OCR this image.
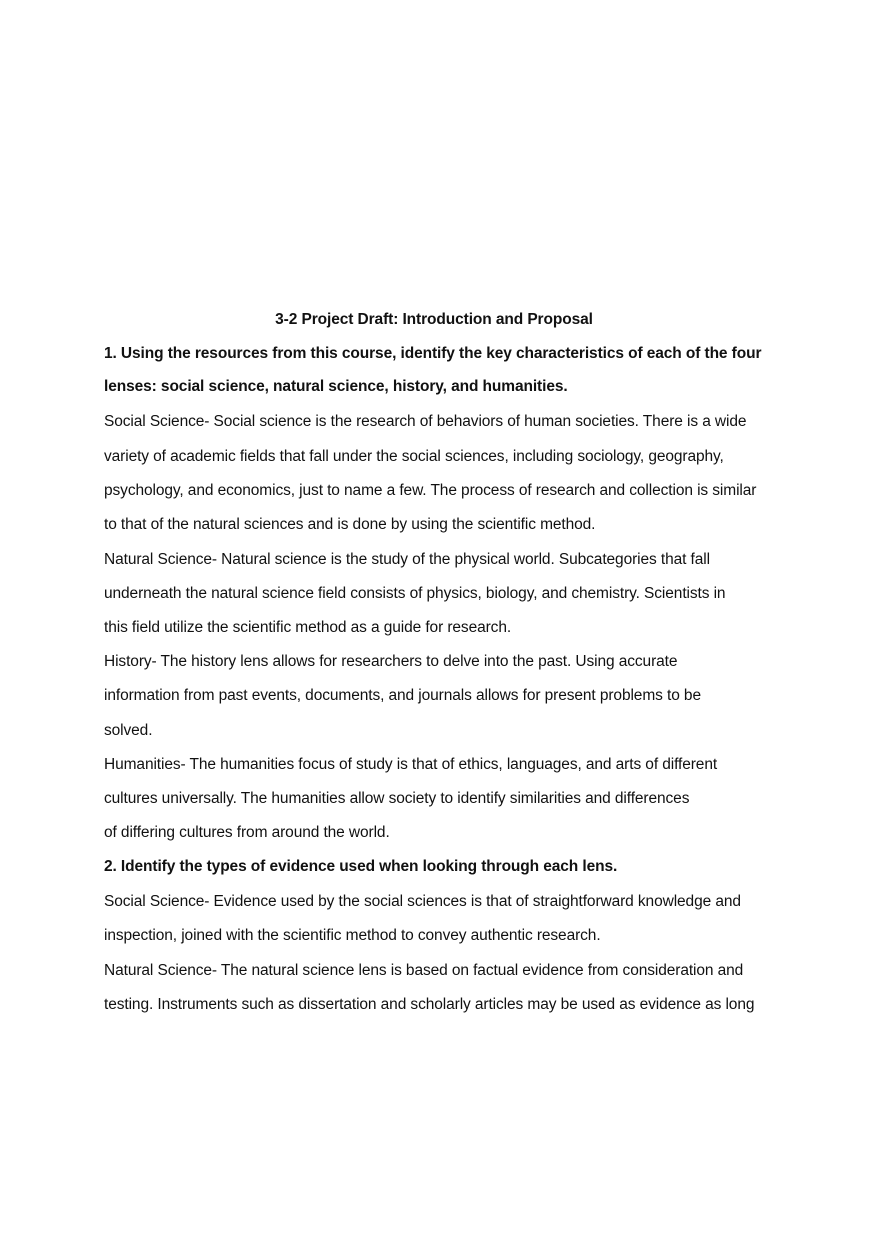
3-2 Project Draft: Introduction and Proposal
1. Using the resources from this course, identify the key characteristics of each of the four
lenses: social science, natural science, history, and humanities.
Social Science- Social science is the research of behaviors of human societies. There is a wide
variety of academic fields that fall under the social sciences, including sociology, geography,
psychology, and economics, just to name a few. The process of research and collection is similar
to that of the natural sciences and is done by using the scientific method.
Natural Science- Natural science is the study of the physical world. Subcategories that fall
underneath the natural science field consists of physics, biology, and chemistry. Scientists in
this field utilize the scientific method as a guide for research.
History- The history lens allows for researchers to delve into the past. Using accurate
information from past events, documents, and journals allows for present problems to be
solved.
Humanities- The humanities focus of study is that of ethics, languages, and arts of different
cultures universally. The humanities allow society to identify similarities and differences
of differing cultures from around the world.
2. Identify the types of evidence used when looking through each lens.
Social Science- Evidence used by the social sciences is that of straightforward knowledge and
inspection, joined with the scientific method to convey authentic research.
Natural Science- The natural science lens is based on factual evidence from consideration and
testing. Instruments such as dissertation and scholarly articles may be used as evidence as long
